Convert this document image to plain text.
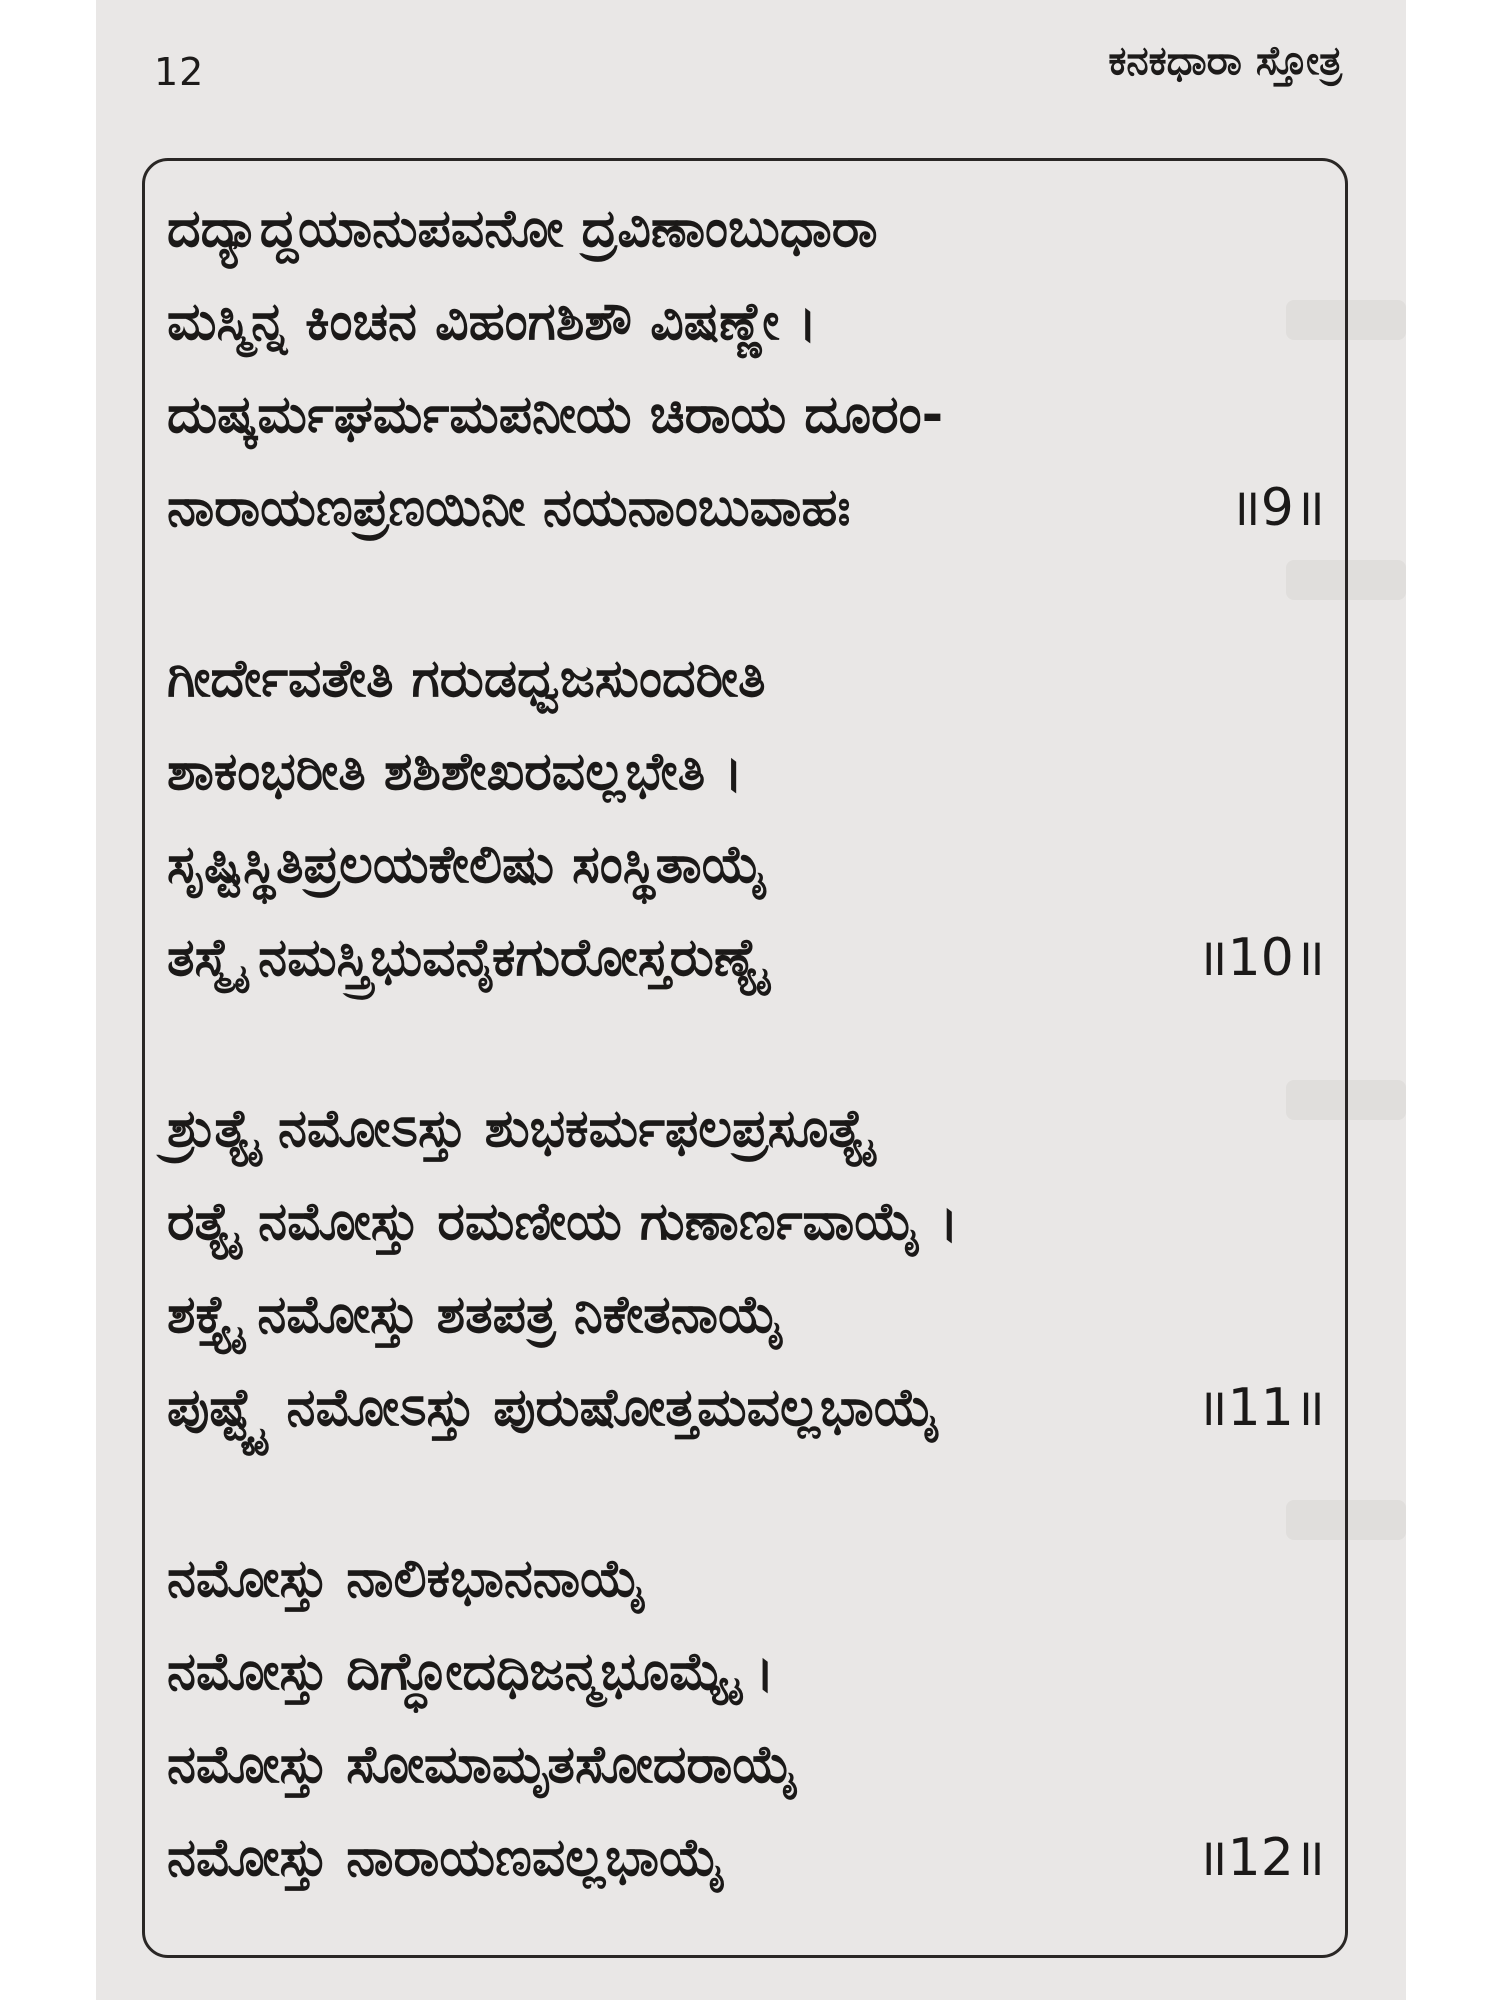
12	ಕನಕಧಾರಾ ಸ್ತೋತ್ರ
ದದ್ಯಾದ್ದಯಾನುಪವನೋ ದ್ರವಿಣಾಂಬುಧಾರಾ
ಮಸ್ಮಿನ್ನ ಕಿಂಚನ ವಿಹಂಗಶಿಶೌ ವಿಷಣ್ಣೇ ।
ದುಷ್ಕರ್ಮಘರ್ಮಮಪನೀಯ ಚಿರಾಯ ದೂರಂ-
ನಾರಾಯಣಪ್ರಣಯಿನೀ ನಯನಾಂಬುವಾಹಃ	॥9॥
ಗೀರ್ದೇವತೇತಿ ಗರುಡಧ್ವಜಸುಂದರೀತಿ
ಶಾಕಂಭರೀತಿ ಶಶಿಶೇಖರವಲ್ಲಭೇತಿ ।
ಸೃಷ್ಟಿಸ್ಥಿತಿಪ್ರಲಯಕೇಲಿಷು ಸಂಸ್ಥಿತಾಯೈ
ತಸ್ಮೈ ನಮಸ್ತ್ರಿಭುವನೈಕಗುರೋಸ್ತರುಣ್ಯೈ	॥10॥
ಶ್ರುತ್ಯೈ ನಮೋಽಸ್ತು ಶುಭಕರ್ಮಫಲಪ್ರಸೂತ್ಯೈ
ರತ್ಯೈ ನಮೋಸ್ತು ರಮಣೀಯ ಗುಣಾರ್ಣವಾಯೈ ।
ಶಕ್ತ್ಯೈ ನಮೋಸ್ತು ಶತಪತ್ರ ನಿಕೇತನಾಯೈ
ಪುಷ್ಟ್ಯೈ ನಮೋಽಸ್ತು ಪುರುಷೋತ್ತಮವಲ್ಲಭಾಯೈ	॥11॥
ನಮೋಸ್ತು ನಾಲಿಕಭಾನನಾಯೈ
ನಮೋಸ್ತು ದಿಗ್ಧೋದಧಿಜನ್ಮಭೂಮ್ಯೈ ।
ನಮೋಸ್ತು ಸೋಮಾಮೃತಸೋದರಾಯೈ
ನಮೋಸ್ತು ನಾರಾಯಣವಲ್ಲಭಾಯೈ	॥12॥
